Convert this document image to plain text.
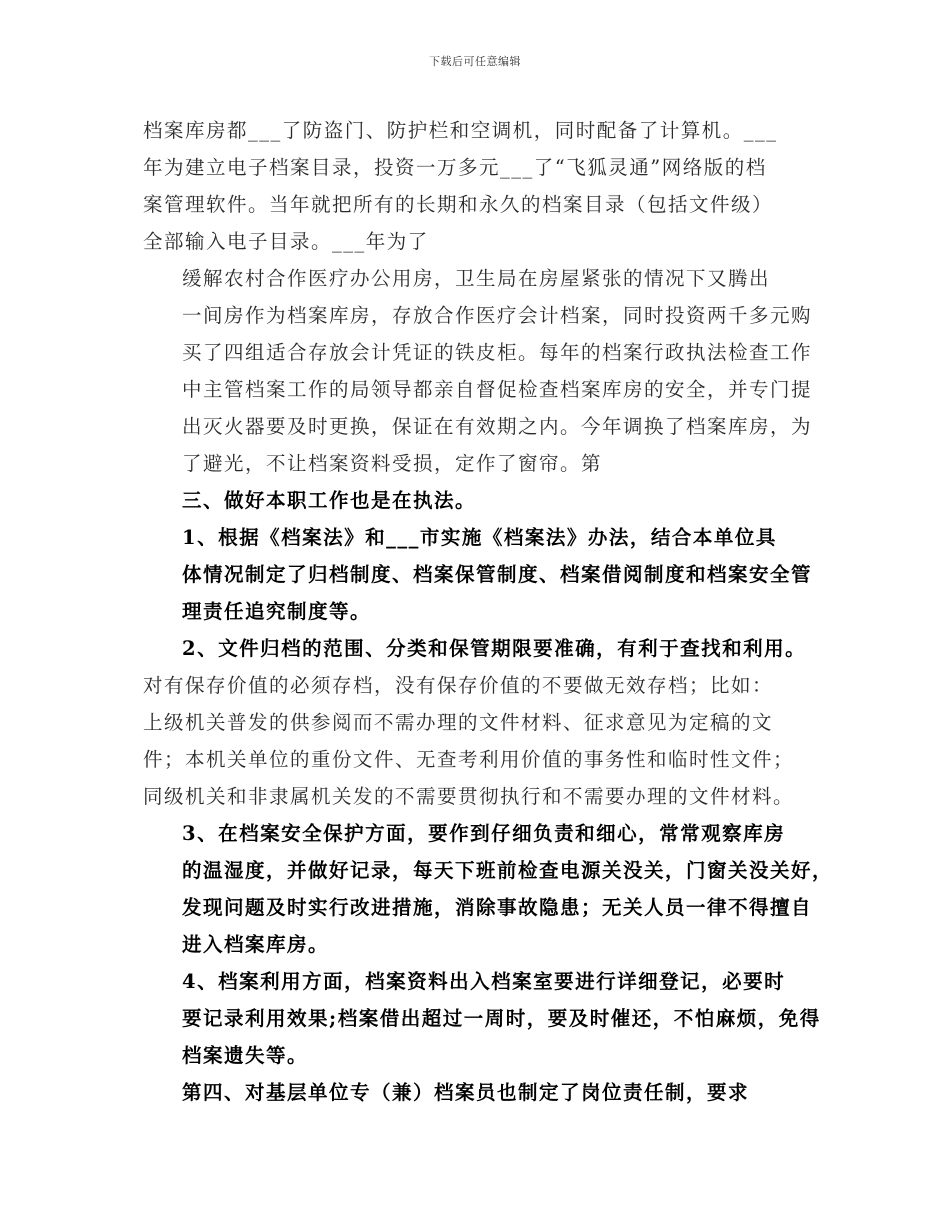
下载后可任意编辑

档案库房都___了防盗门、防护栏和空调机，同时配备了计算机。___
年为建立电子档案目录，投资一万多元___了“飞狐灵通”网络版的档
案管理软件。当年就把所有的长期和永久的档案目录（包括文件级）
全部输入电子目录。___年为了

缓解农村合作医疗办公用房，卫生局在房屋紧张的情况下又腾出
一间房作为档案库房，存放合作医疗会计档案，同时投资两千多元购
买了四组适合存放会计凭证的铁皮柜。每年的档案行政执法检查工作
中主管档案工作的局领导都亲自督促检查档案库房的安全，并专门提
出灭火器要及时更换，保证在有效期之内。今年调换了档案库房，为
了避光，不让档案资料受损，定作了窗帘。第

三、做好本职工作也是在执法。

1、根据《档案法》和___市实施《档案法》办法，结合本单位具
体情况制定了归档制度、档案保管制度、档案借阅制度和档案安全管
理责任追究制度等。

2、文件归档的范围、分类和保管期限要准确，有利于查找和利用。

对有保存价值的必须存档，没有保存价值的不要做无效存档；比如：
上级机关普发的供参阅而不需办理的文件材料、征求意见为定稿的文
件；本机关单位的重份文件、无查考利用价值的事务性和临时性文件；
同级机关和非隶属机关发的不需要贯彻执行和不需要办理的文件材料。

3、在档案安全保护方面，要作到仔细负责和细心，常常观察库房
的温湿度，并做好记录，每天下班前检查电源关没关，门窗关没关好，
发现问题及时实行改进措施，消除事故隐患；无关人员一律不得擅自
进入档案库房。

4、档案利用方面，档案资料出入档案室要进行详细登记，必要时
要记录利用效果;档案借出超过一周时，要及时催还，不怕麻烦，免得
档案遗失等。

第四、对基层单位专（兼）档案员也制定了岗位责任制，要求
